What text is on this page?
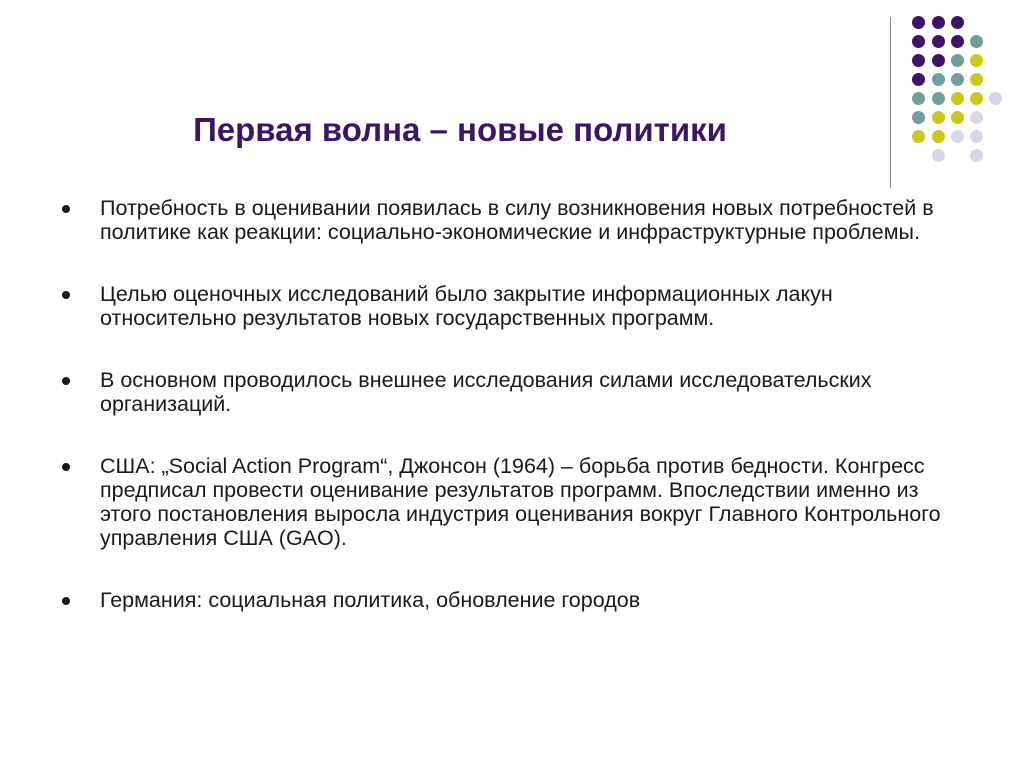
Первая волна – новые политики
Потребность в оценивании появилась в силу возникновения новых потребностей в политике как реакции: социально-экономические и инфраструктурные проблемы.
Целью оценочных исследований было закрытие информационных лакун относительно результатов новых государственных программ.
В основном проводилось внешнее исследования силами исследовательских организаций.
США: „Social Action Program“, Джонсон (1964) – борьба против бедности. Конгресс предписал провести оценивание результатов программ. Впоследствии именно из этого постановления выросла индустрия оценивания вокруг Главного Контрольного управления США (GAO).
Германия: социальная политика, обновление городов
